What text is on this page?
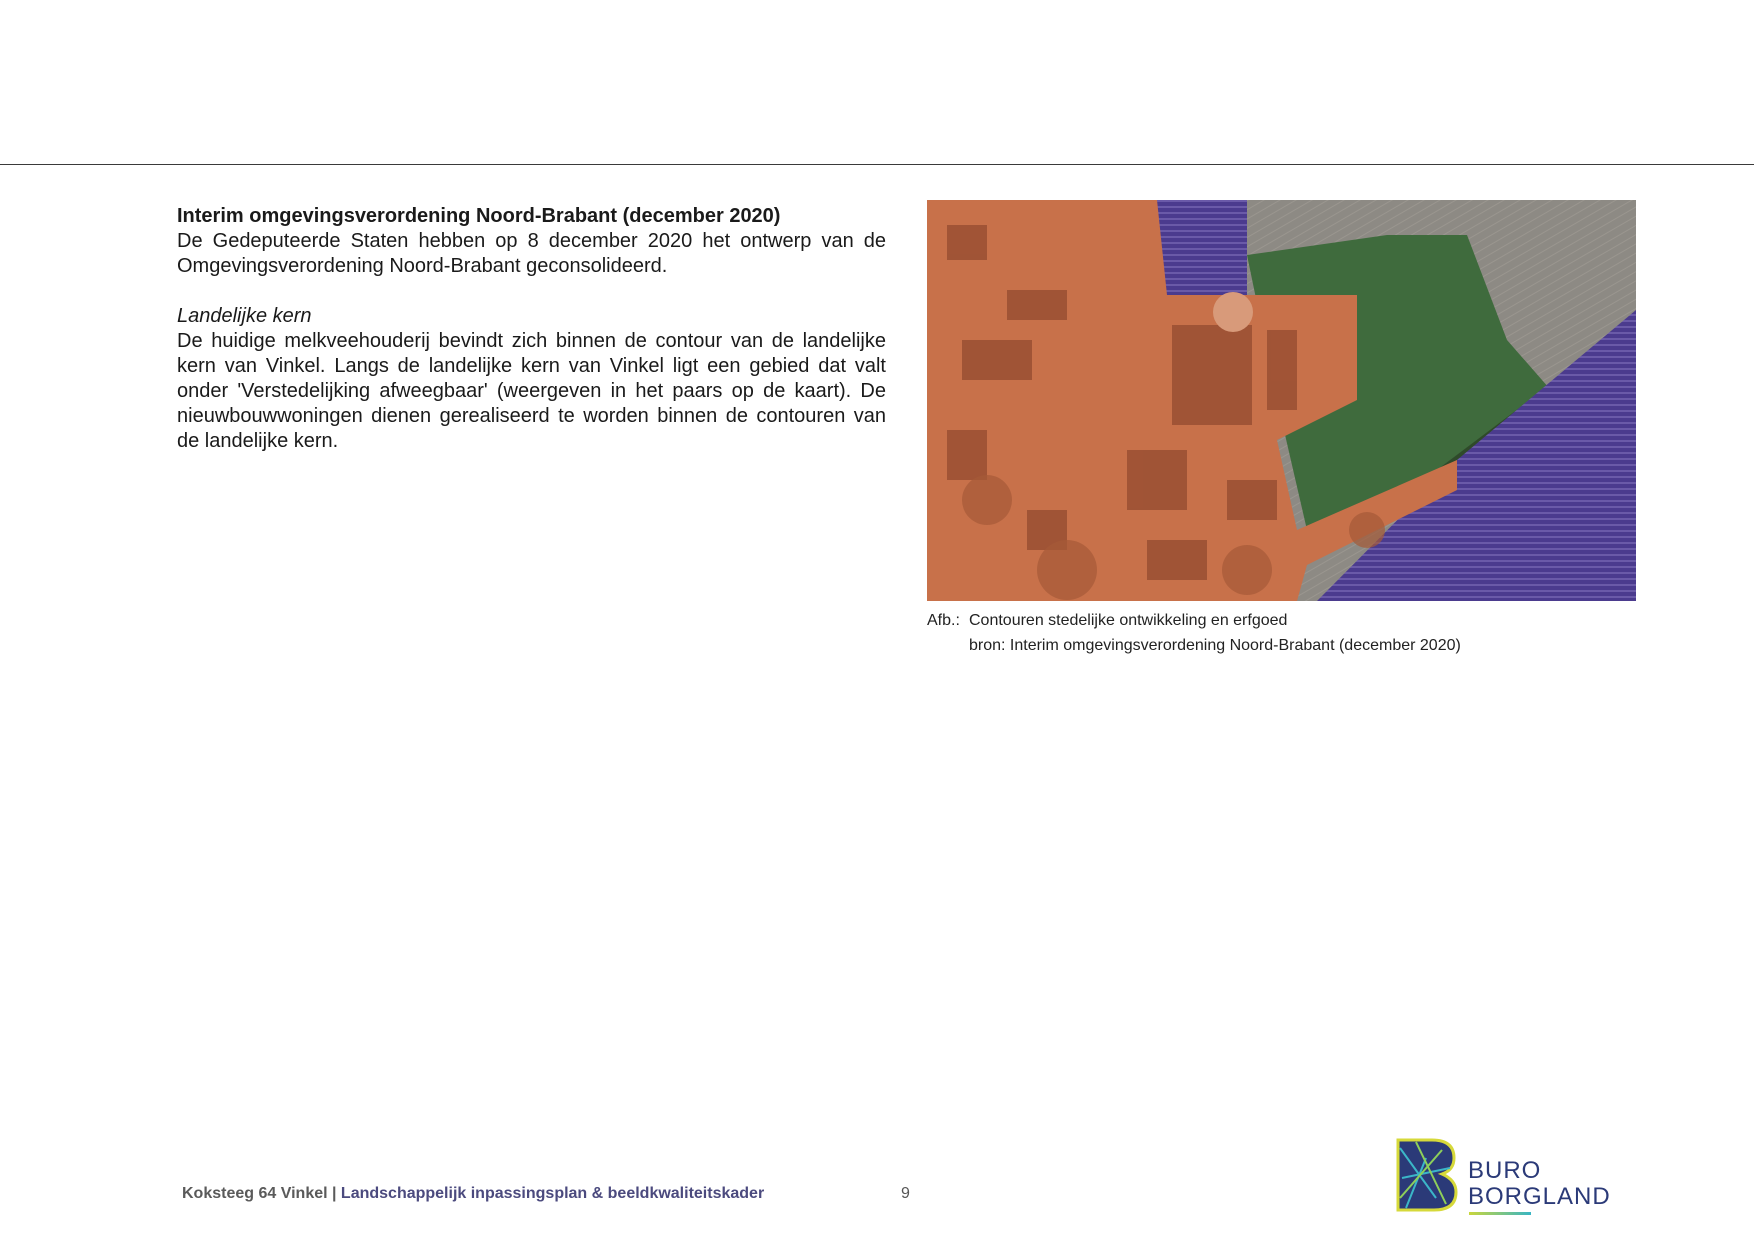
Interim omgevingsverordening Noord-Brabant (december 2020)

De Gedeputeerde Staten hebben op 8 december 2020 het ontwerp van de Omgevingsverordening Noord-Brabant geconsolideerd.

Landelijke kern

De huidige melkveehouderij bevindt zich binnen de contour van de landelijke kern van Vinkel. Langs de landelijke kern van Vinkel ligt een gebied dat valt onder 'Verstedelijking afweegbaar' (weergeven in het paars op de kaart). De nieuwbouwwoningen dienen gerealiseerd te worden binnen de contouren van de landelijke kern.

Afb.: Contouren stedelijke ontwikkeling en erfgoed
bron: Interim omgevingsverordening Noord-Brabant (december 2020)
Koksteeg 64 Vinkel | Landschappelijk inpassingsplan & beeldkwaliteitskader	9
BURO
BORGLAND
